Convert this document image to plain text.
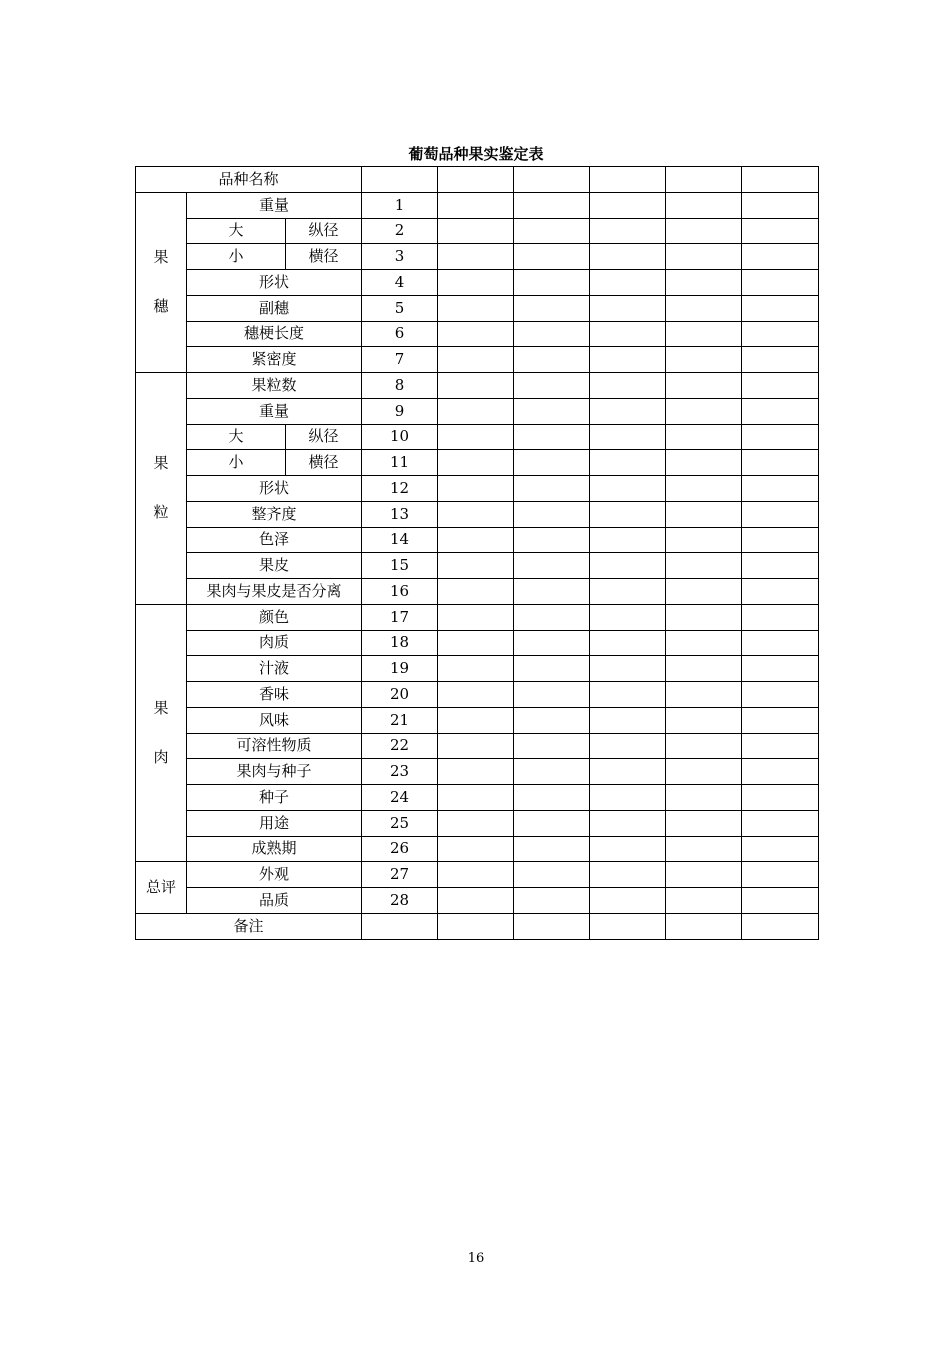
葡萄品种果实鉴定表
品种名称									

果
穗	重量		1						
	大	纵径	2						
	小	横径	3						
	形状		4						
	副穗		5						
	穗梗长度		6						
	紧密度		7						

果
粒	果粒数		8						
	重量		9						
	大	纵径	10						
	小	横径	11						
	形状		12						
	整齐度		13						
	色泽		14						
	果皮		15						
	果肉与果皮是否分离		16						

果
肉	颜色		17						
	肉质		18						
	汁液		19						
	香味		20						
	风味		21						
	可溶性物质		22						
	果肉与种子		23						
	种子		24						
	用途		25						
	成熟期		26						
总评	外观		27						
	品质		28						
备注									
16
